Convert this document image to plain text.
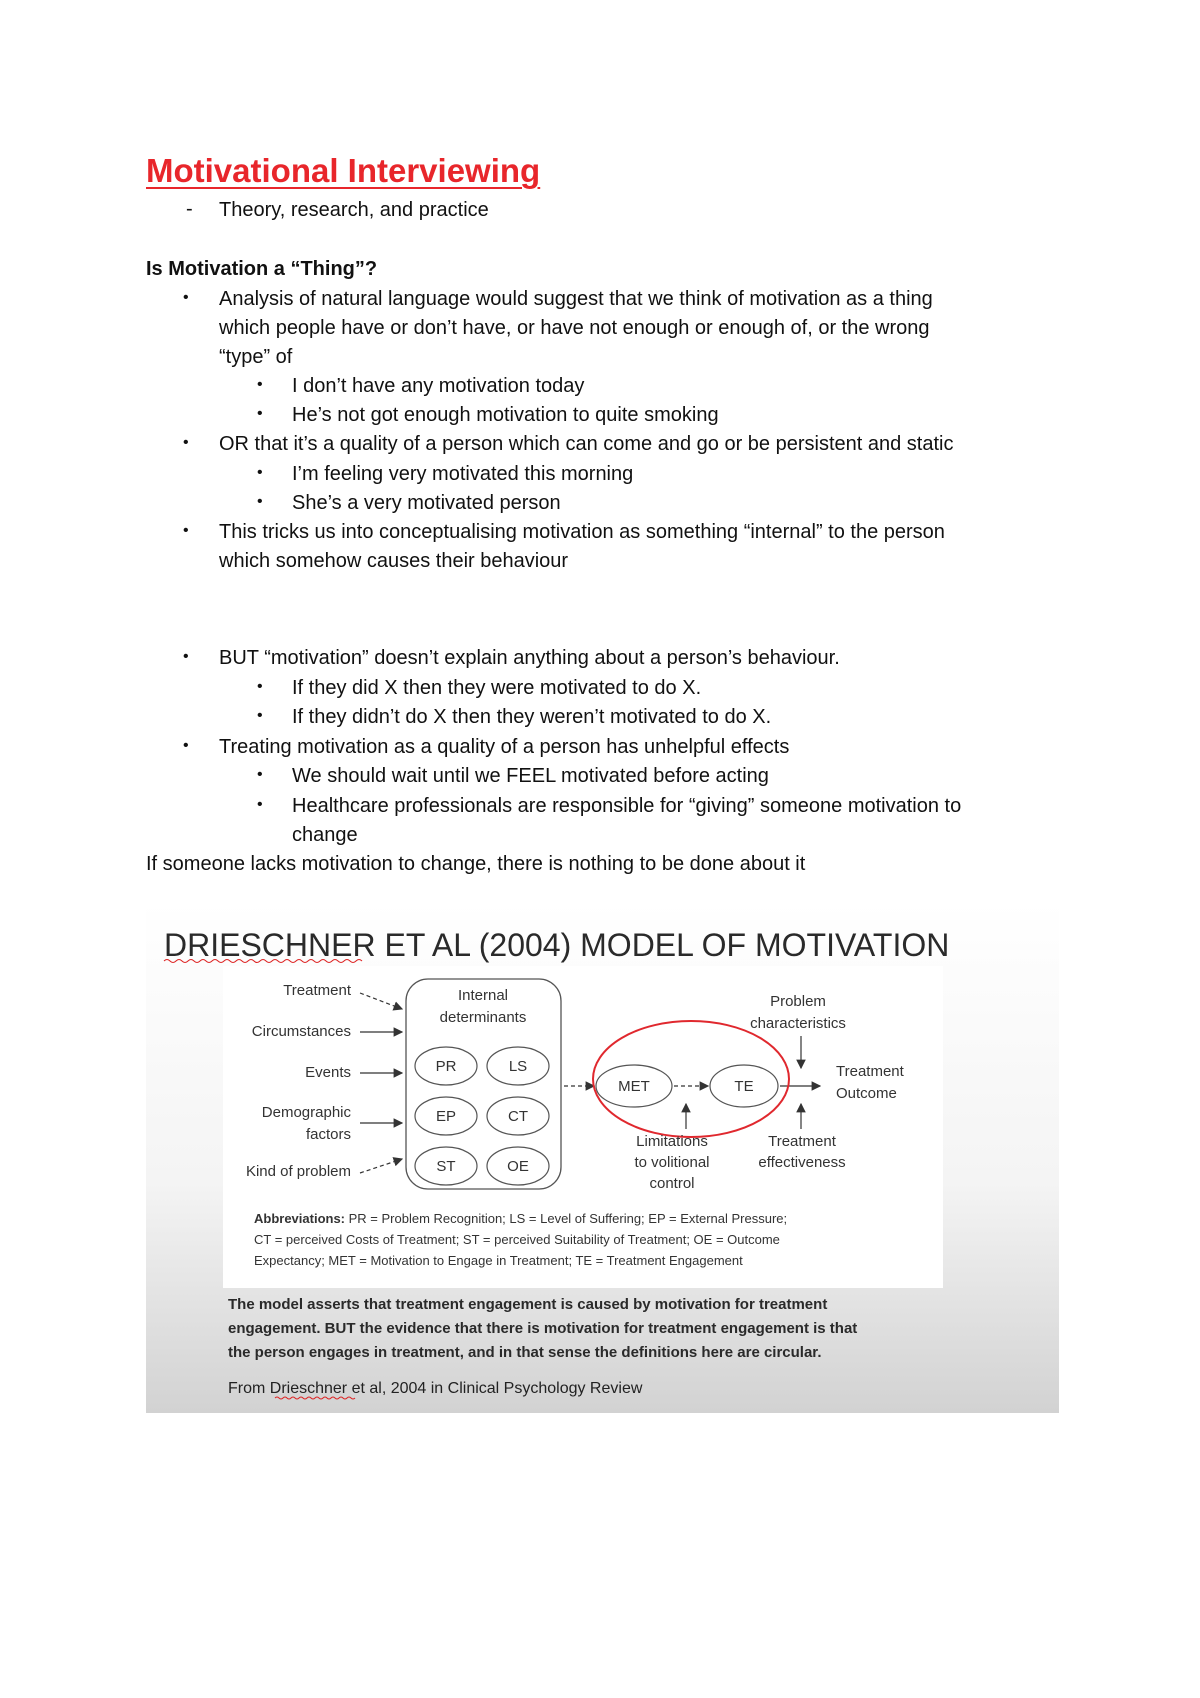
Motivational Interviewing
- Theory, research, and practice
Is Motivation a “Thing”?
• Analysis of natural language would suggest that we think of motivation as a thing
which people have or don’t have, or have not enough or enough of, or the wrong
“type” of
• I don’t have any motivation today
• He’s not got enough motivation to quite smoking
• OR that it’s a quality of a person which can come and go or be persistent and static
• I’m feeling very motivated this morning
• She’s a very motivated person
• This tricks us into conceptualising motivation as something “internal” to the person
which somehow causes their behaviour
• BUT “motivation” doesn’t explain anything about a person’s behaviour.
• If they did X then they were motivated to do X.
• If they didn’t do X then they weren’t motivated to do X.
• Treating motivation as a quality of a person has unhelpful effects
• We should wait until we FEEL motivated before acting
• Healthcare professionals are responsible for “giving” someone motivation to
change
If someone lacks motivation to change, there is nothing to be done about it
DRIESCHNER ET AL (2004) MODEL OF MOTIVATION
Treatment
Circumstances
Events
Demographic
factors
Kind of problem
Internal
determinants
PR	LS
EP	CT
ST	OE
MET	TE
Problem
characteristics
Treatment
Outcome
Limitations
to volitional
control
Treatment
effectiveness
Abbreviations: PR = Problem Recognition; LS = Level of Suffering; EP = External Pressure;
CT = perceived Costs of Treatment; ST = perceived Suitability of Treatment; OE = Outcome
Expectancy; MET = Motivation to Engage in Treatment; TE = Treatment Engagement
The model asserts that treatment engagement is caused by motivation for treatment
engagement. BUT the evidence that there is motivation for treatment engagement is that
the person engages in treatment, and in that sense the definitions here are circular.
From Drieschner et al, 2004 in Clinical Psychology Review
